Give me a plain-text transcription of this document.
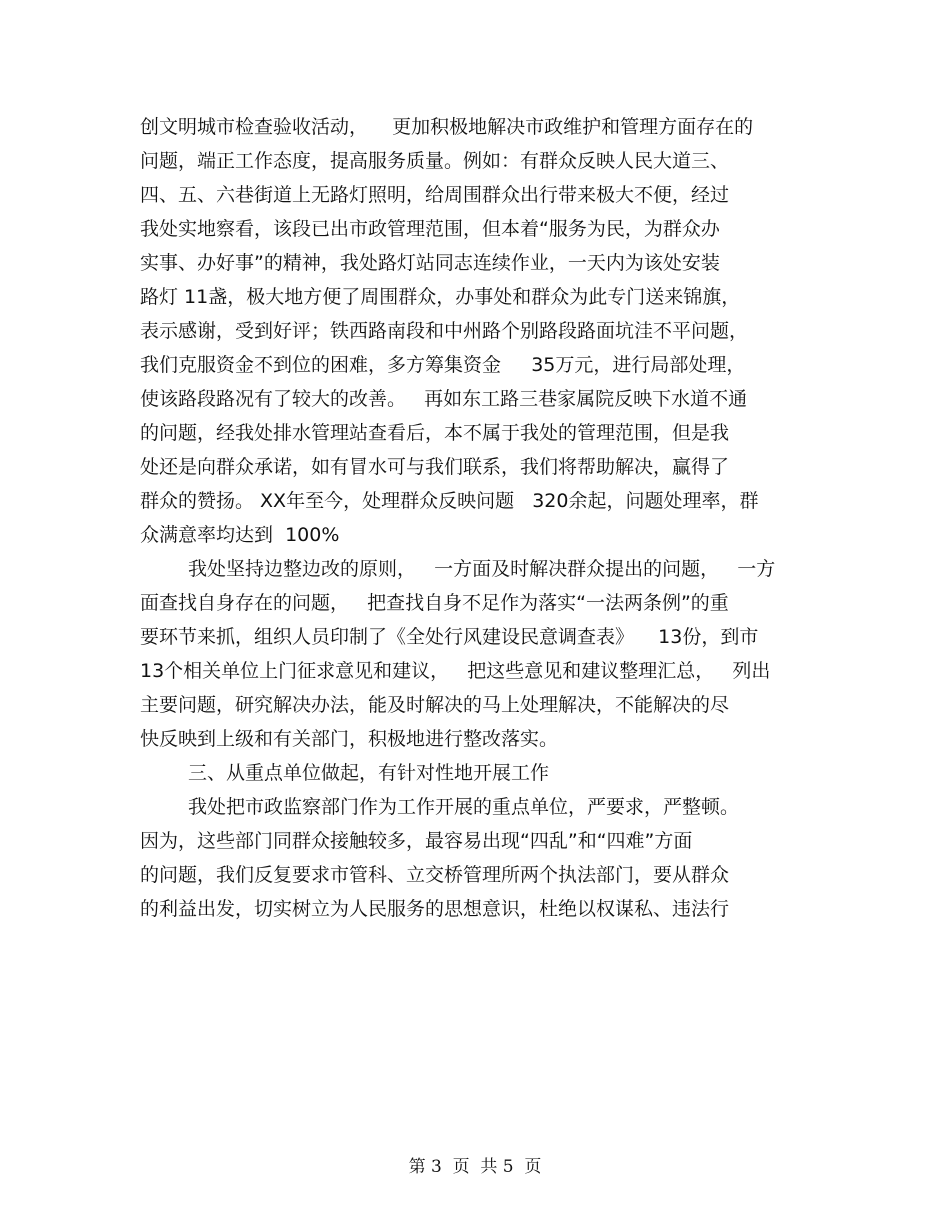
创文明城市检查验收活动，    更加积极地解决市政维护和管理方面存在的
问题，端正工作态度，提高服务质量。例如：有群众反映人民大道三、
四、五、六巷街道上无路灯照明，给周围群众出行带来极大不便，经过
我处实地察看，该段已出市政管理范围，但本着“服务为民，为群众办
实事、办好事”的精神，我处路灯站同志连续作业，一天内为该处安装
路灯 11盏，极大地方便了周围群众，办事处和群众为此专门送来锦旗，
表示感谢，受到好评；铁西路南段和中州路个别路段路面坑洼不平问题，
我们克服资金不到位的困难，多方筹集资金     35万元，进行局部处理，
使该路段路况有了较大的改善。   再如东工路三巷家属院反映下水道不通
的问题，经我处排水管理站查看后，本不属于我处的管理范围，但是我
处还是向群众承诺，如有冒水可与我们联系，我们将帮助解决，赢得了
群众的赞扬。 XX年至今，处理群众反映问题   320余起，问题处理率，群
众满意率均达到  100%
我处坚持边整边改的原则，   一方面及时解决群众提出的问题，   一方
面查找自身存在的问题，   把查找自身不足作为落实“一法两条例”的重
要环节来抓，组织人员印制了《全处行风建设民意调查表》    13份，到市
13个相关单位上门征求意见和建议，   把这些意见和建议整理汇总，   列出
主要问题，研究解决办法，能及时解决的马上处理解决，不能解决的尽
快反映到上级和有关部门，积极地进行整改落实。
三、从重点单位做起，有针对性地开展工作
我处把市政监察部门作为工作开展的重点单位，严要求，严整顿。
因为，这些部门同群众接触较多，最容易出现“四乱”和“四难”方面
的问题，我们反复要求市管科、立交桥管理所两个执法部门，要从群众
的利益出发，切实树立为人民服务的思想意识，杜绝以权谋私、违法行
第 3  页  共 5  页
